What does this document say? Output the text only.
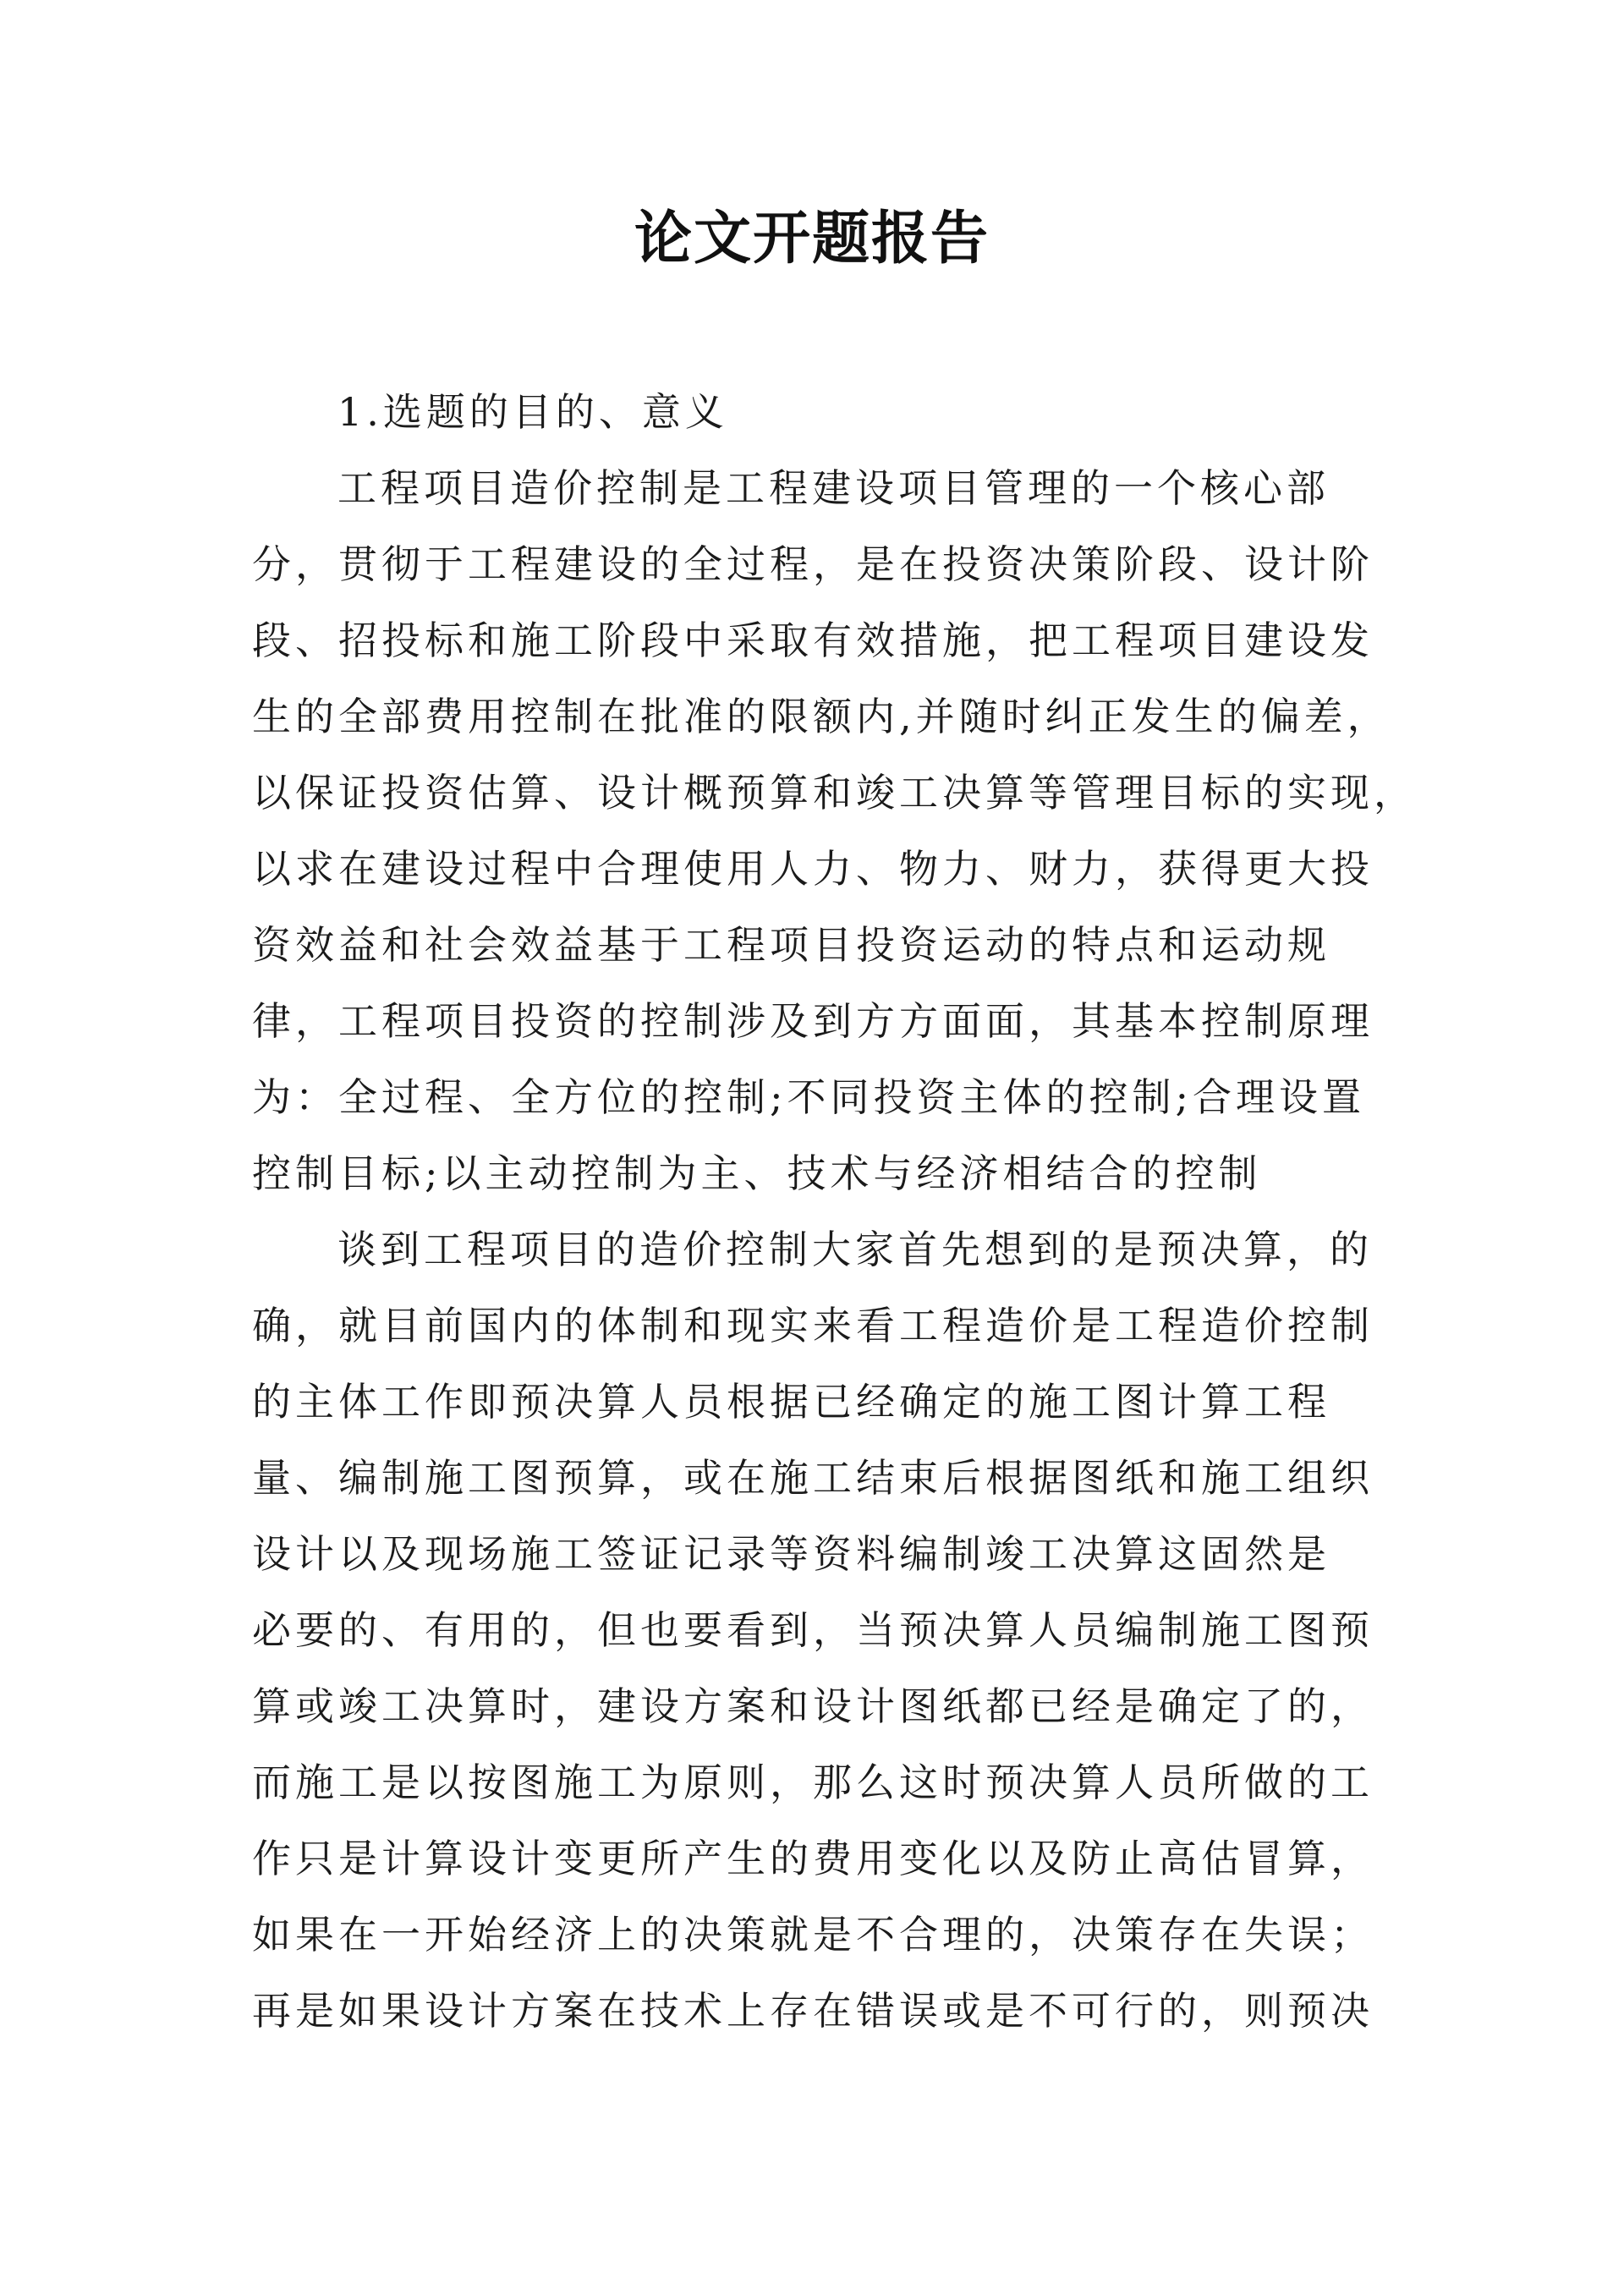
论文开题报告
1.选题的目的、意义
工程项目造价控制是工程建设项目管理的一个核心部
分，贯彻于工程建设的全过程，是在投资决策阶段、设计阶
段、招投标和施工阶段中采取有效措施，把工程项目建设发
生的全部费用控制在批准的限额内,并随时纠正发生的偏差，
以保证投资估算、设计概预算和竣工决算等管理目标的实现，
以求在建设过程中合理使用人力、物力、财力，获得更大投
资效益和社会效益基于工程项目投资运动的特点和运动规
律，工程项目投资的控制涉及到方方面面，其基本控制原理
为：全过程、全方位的控制;不同投资主体的控制;合理设置
控制目标;以主动控制为主、技术与经济相结合的控制
谈到工程项目的造价控制大家首先想到的是预决算，的
确，就目前国内的体制和现实来看工程造价是工程造价控制
的主体工作即预决算人员根据已经确定的施工图计算工程
量、编制施工图预算，或在施工结束后根据图纸和施工组织
设计以及现场施工签证记录等资料编制竣工决算这固然是
必要的、有用的，但也要看到，当预决算人员编制施工图预
算或竣工决算时，建设方案和设计图纸都已经是确定了的，
而施工是以按图施工为原则，那么这时预决算人员所做的工
作只是计算设计变更所产生的费用变化以及防止高估冒算，
如果在一开始经济上的决策就是不合理的，决策存在失误；
再是如果设计方案在技术上存在错误或是不可行的，则预决
